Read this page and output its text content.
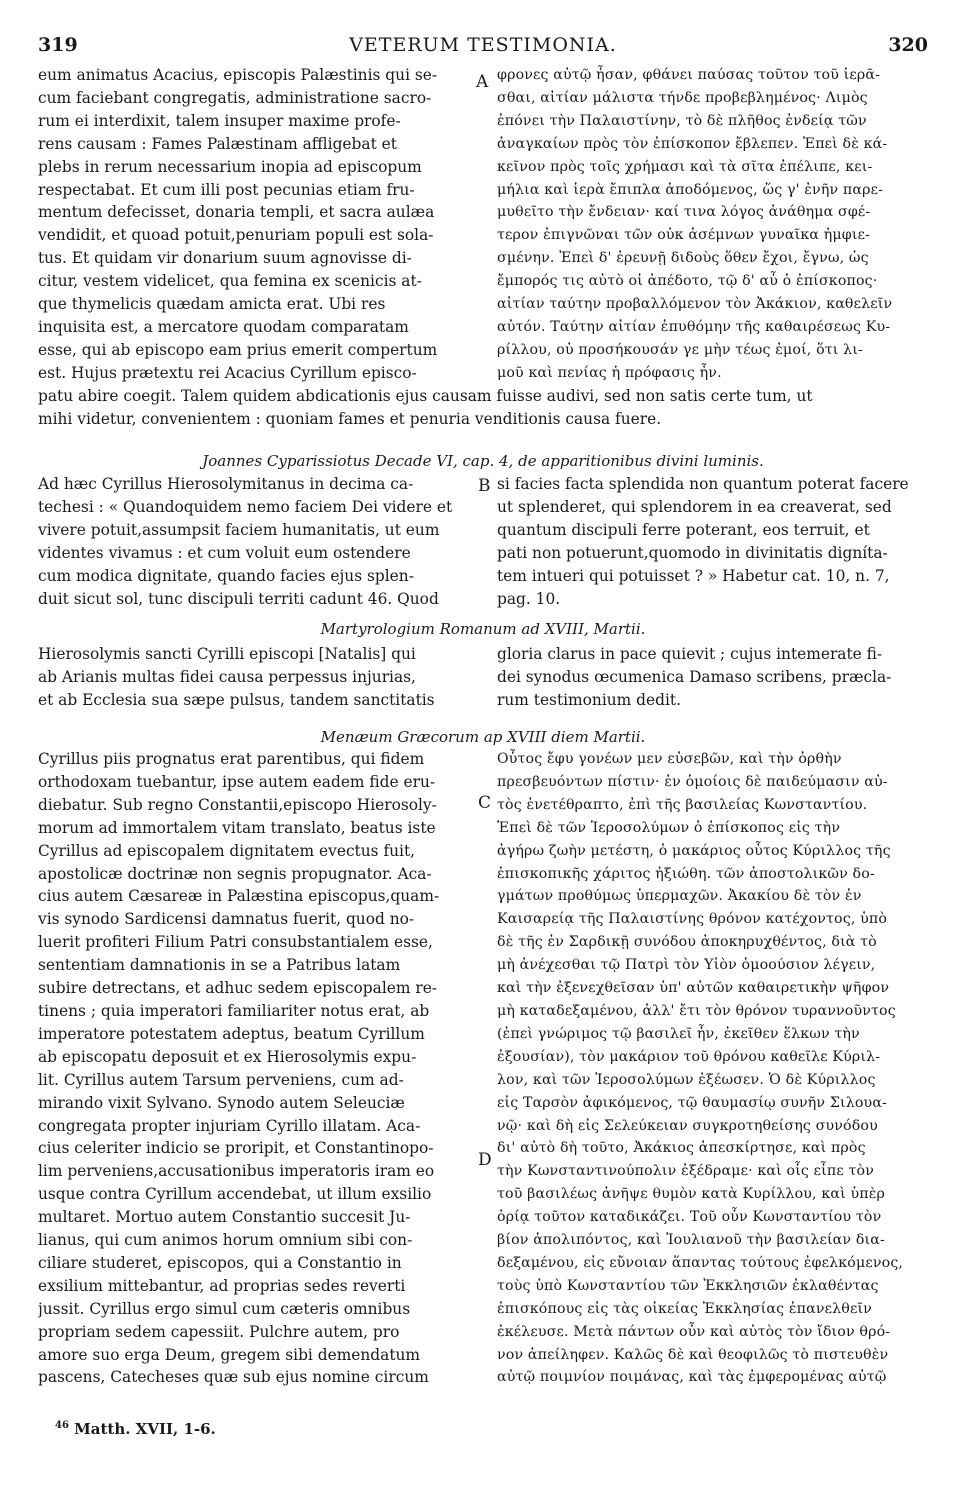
319	VETERUM TESTIMONIA.	320
eum animatus Acacius, episcopis Palæstinis qui se-
cum faciebant congregatis, administratione sacro-
rum ei interdixit, talem insuper maxime profe-
rens causam : Fames Palæstinam affligebat et
plebs in rerum necessarium inopia ad episcopum
respectabat. Et cum illi post pecunias etiam fru-
mentum defecisset, donaria templi, et sacra aulæa
vendidit, et quoad potuit,penuriam populi est sola-
tus. Et quidam vir donarium suum agnovisse di-
citur, vestem videlicet, qua femina ex scenicis at-
que thymelicis quædam amicta erat. Ubi res
inquisita est, a mercatore quodam comparatam
esse, qui ab episcopo eam prius emerit compertum
est. Hujus prætextu rei Acacius Cyrillum episco-
A φρονες αὐτῷ ἦσαν, φθάνει παύσας τοῦτον τοῦ ἱερᾶ-
σθαι, αἰτίαν μάλιστα τήνδε προβεβλημένος· Λιμὸς
ἐπόνει τὴν Παλαιστίνην, τὸ δὲ πλῆθος ἐνδείᾳ τῶν
ἀναγκαίων πρὸς τὸν ἐπίσκοπον ἔβλεπεν. Ἐπεὶ δὲ κά-
κεῖνον πρὸς τοῖς χρήμασι καὶ τὰ σῖτα ἐπέλιπε, κει-
μήλια καὶ ἱερὰ ἔπιπλα ἀποδόμενος, ὥς γ' ἐνῆν παρε-
μυθεῖτο τὴν ἔνδειαν· καί τινα λόγος ἀνάθημα σφέ-
τερον ἐπιγνῶναι τῶν οὐκ ἀσέμνων γυναῖκα ἠμφιε-
σμένην. Ἐπεὶ δ' ἐρευνῇ διδοὺς ὅθεν ἔχοι, ἔγνω, ὡς
ἔμπορός τις αὐτὸ οἱ ἀπέδοτο, τῷ δ' αὖ ὁ ἐπίσκοπος·
αἰτίαν ταύτην προβαλλόμενον τὸν Ἀκάκιον, καθελεῖν
αὐτόν. Ταύτην αἰτίαν ἐπυθόμην τῆς καθαιρέσεως Κυ-
ρίλλου, οὐ προσήκουσάν γε μὴν τέως ἐμοί, ὅτι λι-
μοῦ καὶ πενίας ἡ πρόφασις ἦν.
patu abire coegit. Talem quidem abdicationis ejus causam fuisse audivi, sed non satis certe tum, ut
mihi videtur, convenientem : quoniam fames et penuria venditionis causa fuere.
Joannes Cyparissiotus Decade VI, cap. 4, de apparitionibus divini luminis.
Ad hæc Cyrillus Hierosolymitanus in decima ca-
techesi : « Quandoquidem nemo faciem Dei videre et
vivere potuit,assumpsit faciem humanitatis, ut eum
videntes vivamus : et cum voluit eum ostendere
cum modica dignitate, quando facies ejus splen-
duit sicut sol, tunc discipuli territi cadunt 46. Quod
B si facies facta splendida non quantum poterat facere
ut splenderet, qui splendorem in ea creaverat, sed
quantum discipuli ferre poterant, eos terruit, et
pati non potuerunt,quomodo in divinitatis digníta-
tem intueri qui potuisset ? » Habetur cat. 10, n. 7,
pag. 10.
Martyrologium Romanum ad XVIII, Martii.
Hierosolymis sancti Cyrilli episcopi [Natalis] qui
ab Arianis multas fidei causa perpessus injurias,
et ab Ecclesia sua sæpe pulsus, tandem sanctitatis
gloria clarus in pace quievit ; cujus intemerate fi-
dei synodus œcumenica Damaso scribens, præcla-
rum testimonium dedit.
Menæum Græcorum ap XVIII diem Martii.
Cyrillus piis prognatus erat parentibus, qui fidem
orthodoxam tuebantur, ipse autem eadem fide eru-
diebatur. Sub regno Constantii,episcopo Hierosoly-
morum ad immortalem vitam translato, beatus iste
Cyrillus ad episcopalem dignitatem evectus fuit,
apostolicæ doctrinæ non segnis propugnator. Aca-
cius autem Cæsareæ in Palæstina episcopus,quam-
vis synodo Sardicensi damnatus fuerit, quod no-
luerit profiteri Filium Patri consubstantialem esse,
sententiam damnationis in se a Patribus latam
subire detrectans, et adhuc sedem episcopalem re-
tinens ; quia imperatori familiariter notus erat, ab
imperatore potestatem adeptus, beatum Cyrillum
ab episcopatu deposuit et ex Hierosolymis expu-
lit. Cyrillus autem Tarsum perveniens, cum ad-
mirando vixit Sylvano. Synodo autem Seleuciæ
congregata propter injuriam Cyrillo illatam. Aca-
cius celeriter indicio se proripit, et Constantinopo-
lim perveniens,accusationibus imperatoris iram eo
usque contra Cyrillum accendebat, ut illum exsilio
multaret. Mortuo autem Constantio succesit Ju-
lianus, qui cum animos horum omnium sibi con-
ciliare studeret, episcopos, qui a Constantio in
exsilium mittebantur, ad proprias sedes reverti
jussit. Cyrillus ergo simul cum cæteris omnibus
propriam sedem capessiit. Pulchre autem, pro
amore suo erga Deum, gregem sibi demendatum
pascens, Catecheses quæ sub ejus nomine circum
C
D
Οὗτος ἔφυ γονέων μεν εὐσεβῶν, καὶ τὴν ὀρθὴν
πρεσβευόντων πίστιν· ἐν ὁμοίοις δὲ παιδεύμασιν αὐ-
τὸς ἐνετέθραπτο, ἐπὶ τῆς βασιλείας Κωνσταντίου.
Ἐπεὶ δὲ τῶν Ἱεροσολύμων ὁ ἐπίσκοπος εἰς τὴν
ἀγήρω ζωὴν μετέστη, ὁ μακάριος οὗτος Κύριλλος τῆς
ἐπισκοπικῆς χάριτος ἠξιώθη. τῶν ἀποστολικῶν δο-
γμάτων προθύμως ὑπερμαχῶν. Ἀκακίου δὲ τὸν ἐν
Καισαρείᾳ τῆς Παλαιστίνης θρόνον κατέχοντος, ὑπὸ
δὲ τῆς ἐν Σαρδικῇ συνόδου ἀποκηρυχθέντος, διὰ τὸ
μὴ ἀνέχεσθαι τῷ Πατρὶ τὸν Υἱὸν ὁμοούσιον λέγειν,
καὶ τὴν ἐξενεχθεῖσαν ὑπ' αὐτῶν καθαιρετικὴν ψῆφον
μὴ καταδεξαμένου, ἀλλ' ἔτι τὸν θρόνον τυραννοῦντος
(ἐπεὶ γνώριμος τῷ βασιλεῖ ἦν, ἐκεῖθεν ἕλκων τὴν
ἐξουσίαν), τὸν μακάριον τοῦ θρόνου καθεῖλε Κύριλ-
λον, καὶ τῶν Ἱεροσολύμων ἐξέωσεν. Ὁ δὲ Κύριλλος
εἰς Ταρσὸν ἀφικόμενος, τῷ θαυμασίῳ συνῆν Σιλουα-
νῷ· καὶ δὴ εἰς Σελεύκειαν συγκροτηθείσης συνόδου
δι' αὐτὸ δὴ τοῦτο, Ἀκάκιος ἀπεσκίρτησε, καὶ πρὸς
τὴν Κωνσταντινούπολιν ἐξέδραμε· καὶ οἷς εἶπε τὸν
τοῦ βασιλέως ἀνῆψε θυμὸν κατὰ Κυρίλλου, καὶ ὑπὲρ
ὁρίᾳ τοῦτον καταδικάζει. Τοῦ οὖν Κωνσταντίου τὸν
βίον ἀπολιπόντος, καὶ Ἰουλιανοῦ τὴν βασιλείαν δια-
δεξαμένου, εἰς εὔνοιαν ἅπαντας τούτους ἐφελκόμενος,
τοὺς ὑπὸ Κωνσταντίου τῶν Ἐκκλησιῶν ἐκλαθέντας
ἐπισκόπους εἰς τὰς οἰκείας Ἐκκλησίας ἐπανελθεῖν
ἐκέλευσε. Μετὰ πάντων οὖν καὶ αὐτὸς τὸν ἴδιον θρό-
νον ἀπείληφεν. Καλῶς δὲ καὶ θεοφιλῶς τὸ πιστευθὲν
αὐτῷ ποιμνίον ποιμάνας, καὶ τὰς ἐμφερομένας αὐτῷ
$^{46}$ Matth. XVII, 1-6.
